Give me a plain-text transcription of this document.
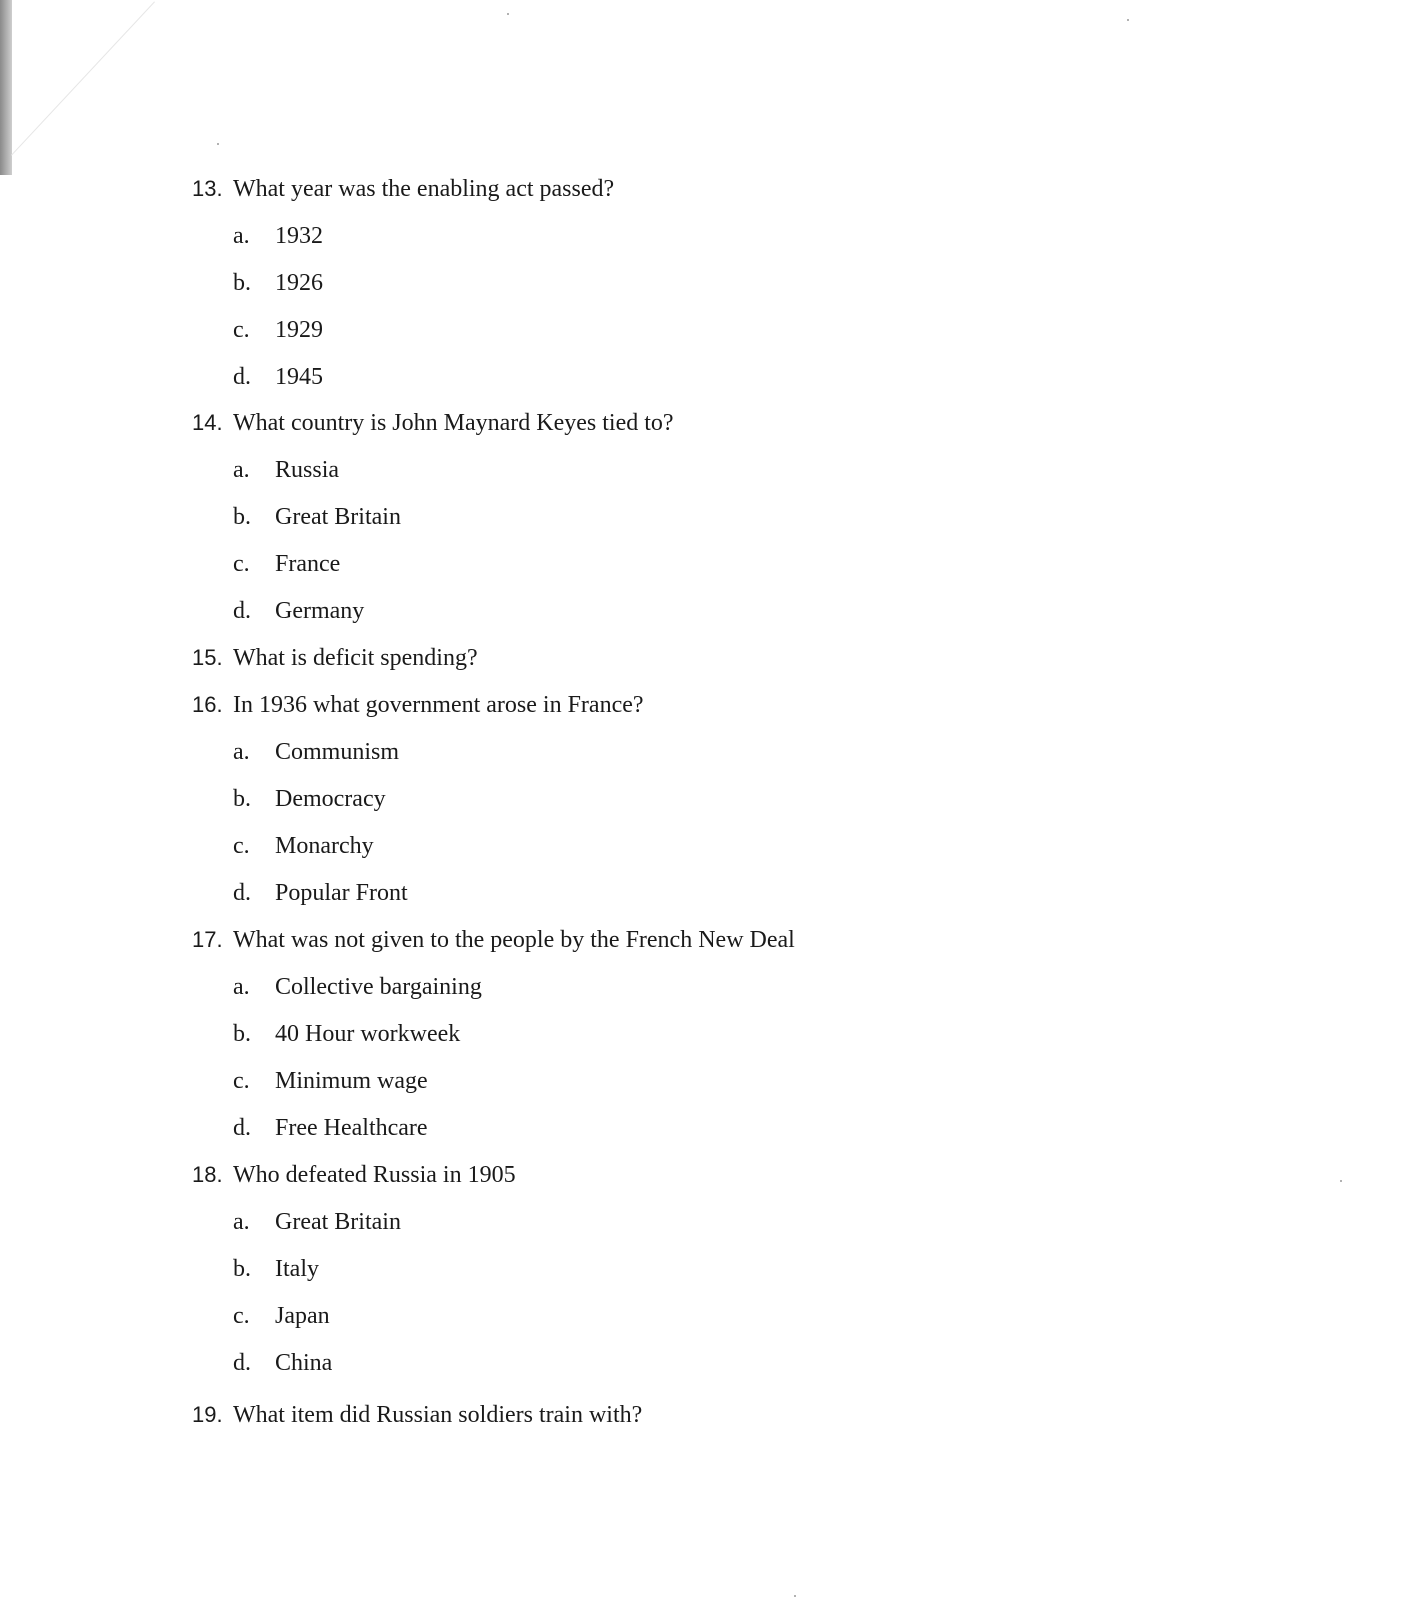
13. What year was the enabling act passed?
a. 1932
b. 1926
c. 1929
d. 1945
14. What country is John Maynard Keyes tied to?
a. Russia
b. Great Britain
c. France
d. Germany
15. What is deficit spending?
16. In 1936 what government arose in France?
a. Communism
b. Democracy
c. Monarchy
d. Popular Front
17. What was not given to the people by the French New Deal
a. Collective bargaining
b. 40 Hour workweek
c. Minimum wage
d. Free Healthcare
18. Who defeated Russia in 1905
a. Great Britain
b. Italy
c. Japan
d. China
19. What item did Russian soldiers train with?
